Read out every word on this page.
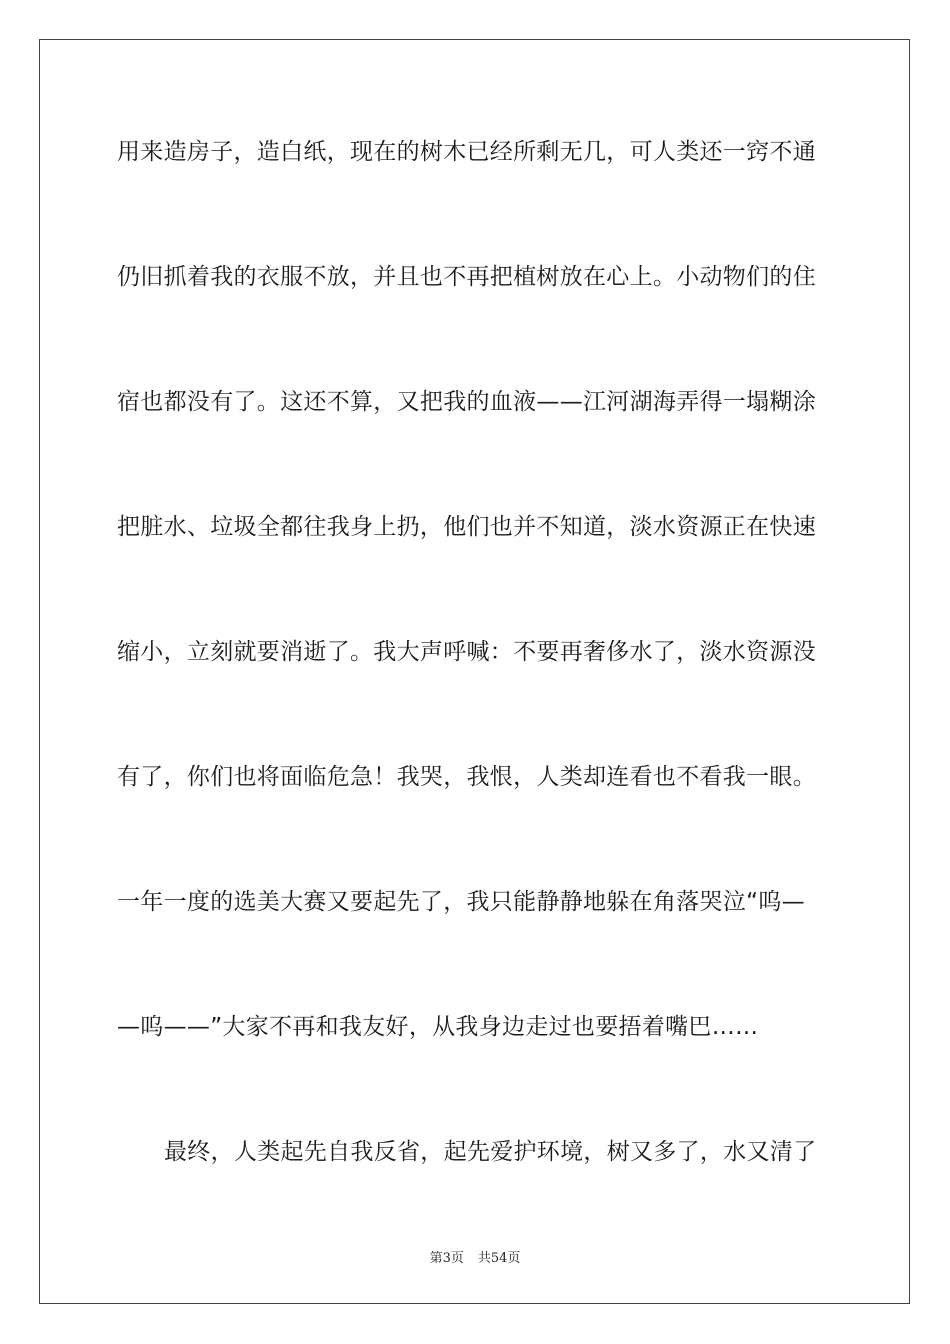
用来造房子，造白纸，现在的树木已经所剩无几，可人类还一窍不通
仍旧抓着我的衣服不放，并且也不再把植树放在心上。小动物们的住
宿也都没有了。这还不算，又把我的血液——江河湖海弄得一塌糊涂
把脏水、垃圾全都往我身上扔，他们也并不知道，淡水资源正在快速
缩小，立刻就要消逝了。我大声呼喊：不要再奢侈水了，淡水资源没
有了，你们也将面临危急！我哭，我恨，人类却连看也不看我一眼。
一年一度的选美大赛又要起先了，我只能静静地躲在角落哭泣“呜—
—呜——”大家不再和我友好，从我身边走过也要捂着嘴巴……
最终，人类起先自我反省，起先爱护环境，树又多了，水又清了
第3页 共54页
